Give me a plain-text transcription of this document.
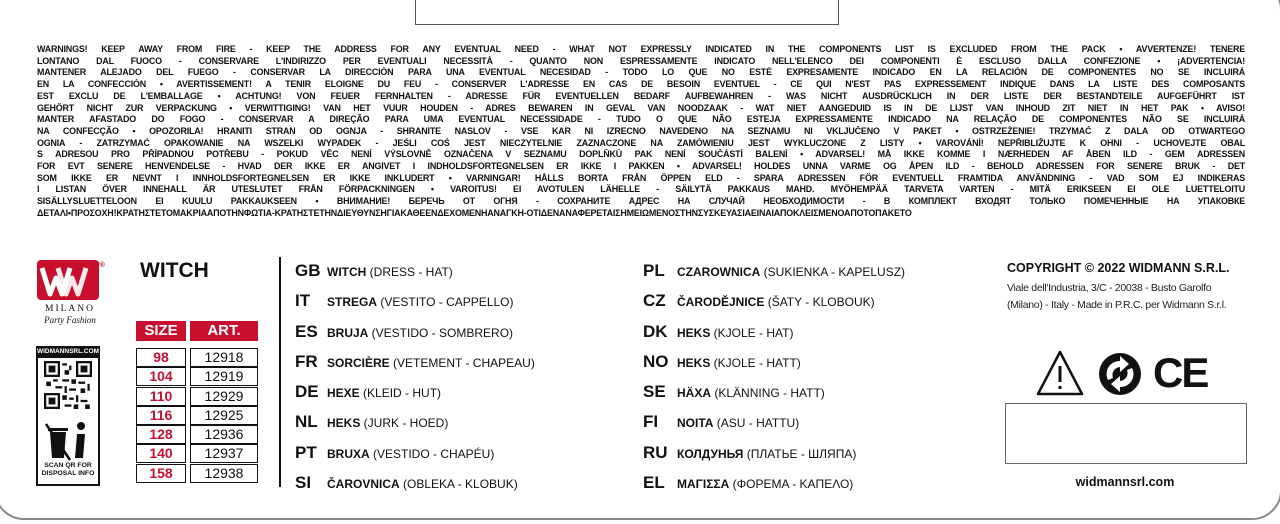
WARNINGS! KEEP AWAY FROM FIRE - KEEP THE ADDRESS FOR ANY EVENTUAL NEED - WHAT NOT EXPRESSLY INDICATED IN THE COMPONENTS LIST IS EXCLUDED FROM THE PACK • AVVERTENZE! TENERE
LONTANO DAL FUOCO - CONSERVARE L'INDIRIZZO PER EVENTUALI NECESSITÀ - QUANTO NON ESPRESSAMENTE INDICATO NELL'ELENCO DEI COMPONENTI È ESCLUSO DALLA CONFEZIONE • ¡ADVERTENCIA!
MANTENER ALEJADO DEL FUEGO - CONSERVAR LA DIRECCIÓN PARA UNA EVENTUAL NECESIDAD - TODO LO QUE NO ESTÉ EXPRESAMENTE INDICADO EN LA RELACIÓN DE COMPONENTES NO SE INCLUIRÁ
EN LA CONFECCIÓN • AVERTISSEMENT! A TENIR ELOIGNE DU FEU - CONSERVER L'ADRESSE EN CAS DE BESOIN EVENTUEL - CE QUI N'EST PAS EXPRESSEMENT INDIQUE DANS LA LISTE DES COMPOSANTS
EST EXCLU DE L'EMBALLAGE • ACHTUNG! VON FEUER FERNHALTEN - ADRESSE FÜR EVENTUELLEN BEDARF AUFBEWAHREN - WAS NICHT AUSDRÜCKLICH IN DER LISTE DER BESTANDTEILE AUFGEFÜHRT IST
GEHÖRT NICHT ZUR VERPACKUNG • VERWITTIGING! VAN HET VUUR HOUDEN - ADRES BEWAREN IN GEVAL VAN NOODZAAK - WAT NIET AANGEDUID IS IN DE LIJST VAN INHOUD ZIT NIET IN HET PAK • AVISO!
MANTER AFASTADO DO FOGO - CONSERVAR A DIREÇÃO PARA UMA EVENTUAL NECESSIDADE - TUDO O QUE NÃO ESTEJA EXPRESSAMENTE INDICADO NA RELAÇÃO DE COMPONENTES NÃO SE INCLUIRÁ
NA CONFECÇÃO • OPOZORILA! HRANITI STRAN OD OGNJA - SHRANITE NASLOV - VSE KAR NI IZRECNO NAVEDENO NA SEZNAMU NI VKLJUČENO V PAKET • OSTRZEŻENIE! TRZYMAĆ Z DALA OD OTWARTEGO
OGNIA - ZATRZYMAĆ OPAKOWANIE NA WSZELKI WYPADEK - JEŚLI COŚ JEST NIECZYTELNIE ZAZNACZONE NA ZAMÓWIENIU JEST WYKLUCZONE Z LISTY • VAROVÁNÍ! NEPŘIBLIŽUJTE K OHNI - UCHOVEJTE OBAL
S ADRESOU PRO PŘÍPADNOU POTŘEBU - POKUD VĚC NENÍ VÝSLOVNĚ OZNAČENA V SEZNAMU DOPLŇKŮ PAK NENÍ SOUČÁSTÍ BALENÍ • ADVARSEL! MÅ IKKE KOMME I NÆRHEDEN AF ÅBEN ILD - GEM ADRESSEN
FOR EVT SENERE HENVENDELSE - HVAD DER IKKE ER ANGIVET I INDHOLDSFORTEGNELSEN ER IKKE I PAKKEN • ADVARSEL! HOLDES UNNA VARME OG ÅPEN ILD - BEHOLD ADRESSEN FOR SENERE BRUK - DET
SOM IKKE ER NEVNT I INNHOLDSFORTEGNELSEN ER IKKE INKLUDERT • VARNINGAR! HÅLLS BORTA FRÅN ÖPPEN ELD - SPARA ADRESSEN FÖR EVENTUELL FRAMTIDA ANVÄNDNING - VAD SOM EJ INDIKERAS
I LISTAN ÖVER INNEHALL ÄR UTESLUTET FRÅN FÖRPACKNINGEN • VAROITUS! EI AVOTULEN LÄHELLE - SÄILYTÄ PAKKAUS MAHD. MYÖHEMPÄÄ TARVETA VARTEN - MITÄ ERIKSEEN EI OLE LUETTELOITU
SISÄLLYSLUETTELOON EI KUULU PAKKAUKSEEN • ВНИМАНИЕ! БЕРЕЧЬ ОТ ОГНЯ - СОХРАНИТЕ АДРЕС НА СЛУЧАЙ НЕОБХОДИМОСТИ - В КОМПЛЕКТ ВХОДЯТ ТОЛЬКО ПОМЕЧЕННЫЕ НА УПАКОВКЕ
ΔΕΤΑΛΙ•ΠΡΟΣΟΧΗ!ΚΡΑΤΗΣΤΕΤΟΜΑΚΡΙΑΑΠΟΤΗΝΦΩΤΙΑ-ΚΡΑΤΗΣΤΕΤΗΝΔΙΕΥΘΥΝΣΗΓΙΑΚΑΘΕΕΝΔΕΧΟΜΕΝΗΑΝΑΓΚΗ-ΟΤΙΔΕΝΑΝΑΦΕΡΕΤΑΙΣΗΜΕΙΩΜΕΝΟΣΤΗΝΣΥΣΚΕΥΑΣΙΑΕΙΝΑΙΑΠΟΚΛΕΙΣΜΕΝΟΑΠΟΤΟΠΑΚΕΤΟ
WIDMANN®
MILANO
Party Fashion
WIDMANNSRL.COM
SCAN QR FOR DISPOSAL INFO
WITCH
SIZE	ART.
98	12918
104	12919
110	12929
116	12925
128	12936
140	12937
158	12938
GB WITCH (DRESS - HAT)
IT STREGA (VESTITO - CAPPELLO)
ES BRUJA (VESTIDO - SOMBRERO)
FR SORCIÈRE (VETEMENT - CHAPEAU)
DE HEXE (KLEID - HUT)
NL HEKS (JURK - HOED)
PT BRUXA (VESTIDO - CHAPÉU)
SI ČAROVNICA (OBLEKA - KLOBUK)
PL CZAROWNICA (SUKIENKA - KAPELUSZ)
CZ ČARODĚJNICE (ŠATY - KLOBOUK)
DK HEKS (KJOLE - HAT)
NO HEKS (KJOLE - HATT)
SE HÄXA (KLÄNNING - HATT)
FI NOITA (ASU - HATTU)
RU КОЛДУНЬЯ (ПЛАТЬЕ - ШЛЯПА)
EL ΜΑΓΙΣΣΑ (ΦΟΡΕΜΑ - ΚΑΠΕΛΟ)
COPYRIGHT © 2022 WIDMANN S.R.L.
Viale dell'Industria, 3/C - 20038 - Busto Garolfo (Milano) - Italy - Made in P.R.C. per Widmann S.r.l.
CE
widmannsrl.com
